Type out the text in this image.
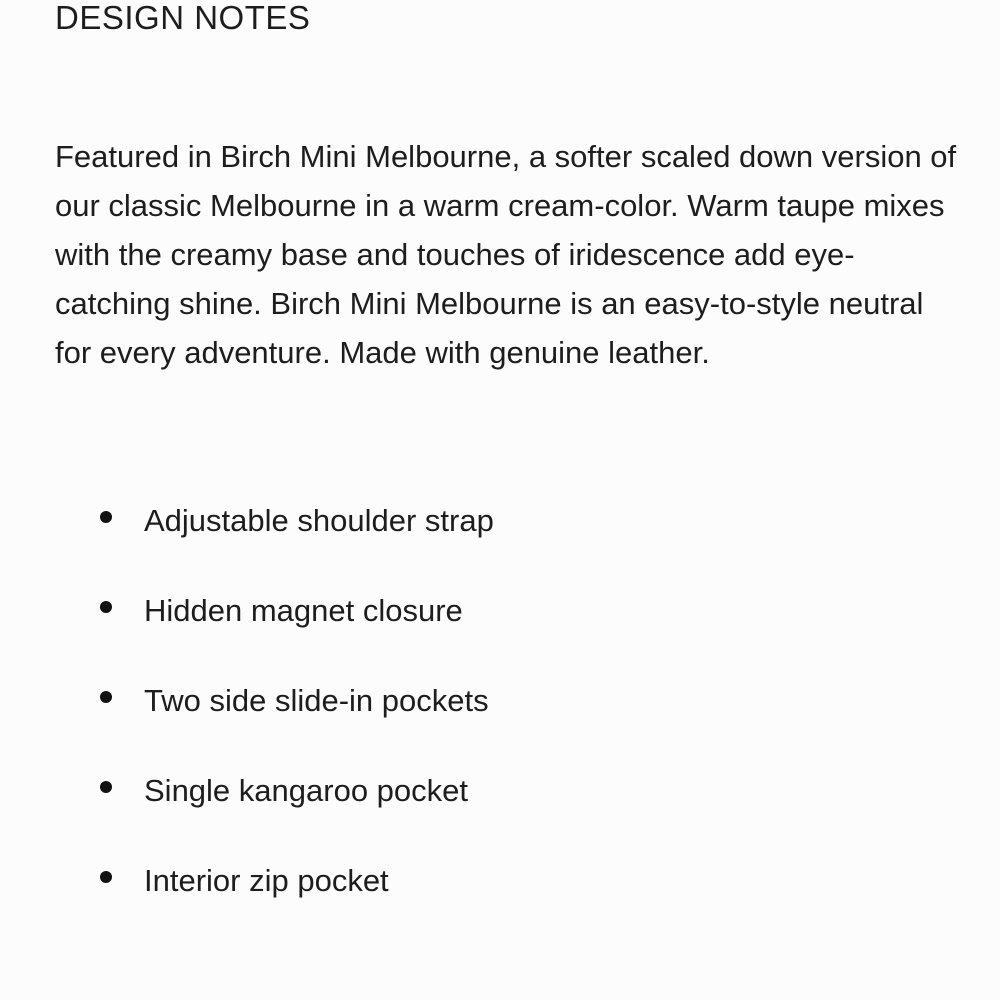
DESIGN NOTES

Featured in Birch Mini Melbourne, a softer scaled down version of our classic Melbourne in a warm cream-color. Warm taupe mixes with the creamy base and touches of iridescence add eye-catching shine. Birch Mini Melbourne is an easy-to-style neutral for every adventure. Made with genuine leather.

Adjustable shoulder strap
Hidden magnet closure
Two side slide-in pockets
Single kangaroo pocket
Interior zip pocket
